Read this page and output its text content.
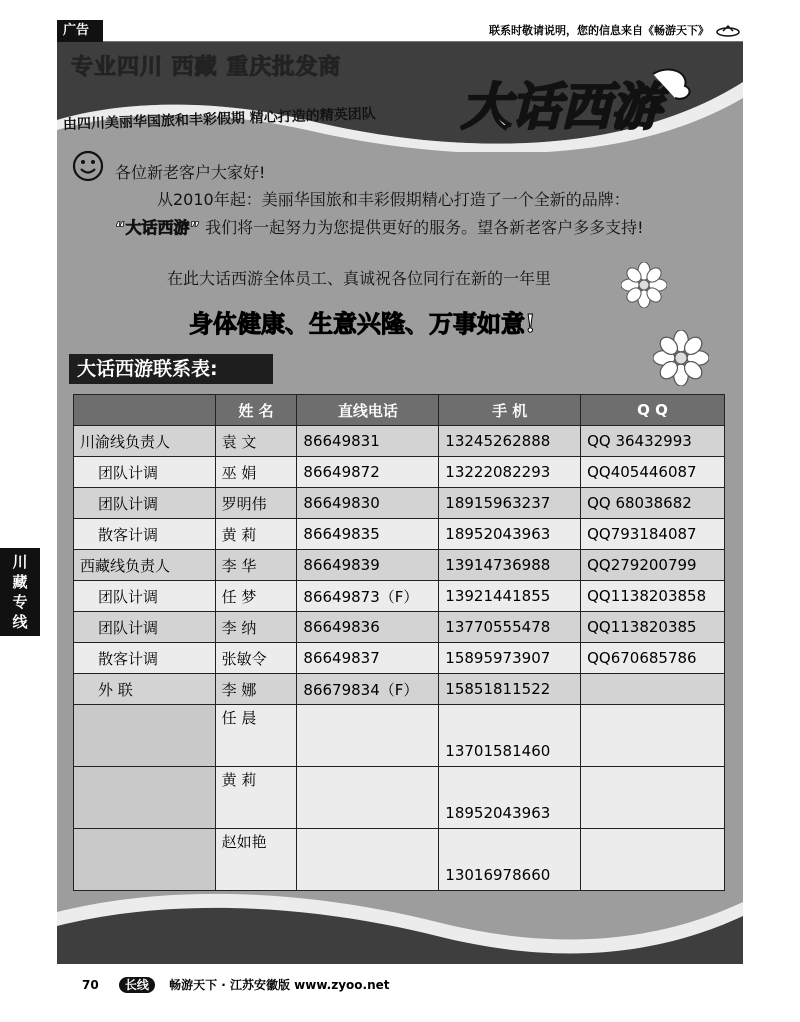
广告	联系时敬请说明，您的信息来自《畅游天下》
专业四川 西藏 重庆批发商
由四川美丽华国旅和丰彩假期 精心打造的精英团队 大话西游
各位新老客户大家好!
从2010年起：美丽华国旅和丰彩假期精心打造了一个全新的品牌：
“大话西游” 我们将一起努力为您提供更好的服务。望各新老客户多多支持!
在此大话西游全体员工、真诚祝各位同行在新的一年里
身体健康、生意兴隆、万事如意!
大话西游联系表:
	姓 名	直线电话	手 机	Q Q
川渝线负责人	袁 文	86649831	13245262888	QQ 36432993
团队计调	巫 娟	86649872	13222082293	QQ405446087
团队计调	罗明伟	86649830	18915963237	QQ 68038682
散客计调	黄 莉	86649835	18952043963	QQ793184087
西藏线负责人	李 华	86649839	13914736988	QQ279200799
团队计调	任 梦	86649873（F）	13921441855	QQ1138203858
团队计调	李 纳	86649836	13770555478	QQ113820385
散客计调	张敏令	86649837	15895973907	QQ670685786
外 联	李 娜	86679834（F）	15851811522	
	任 晨		13701581460	
	黄 莉		18952043963	
	赵如艳		13016978660	
川藏专线
70 长线 畅游天下 · 江苏安徽版 www.zyoo.net
